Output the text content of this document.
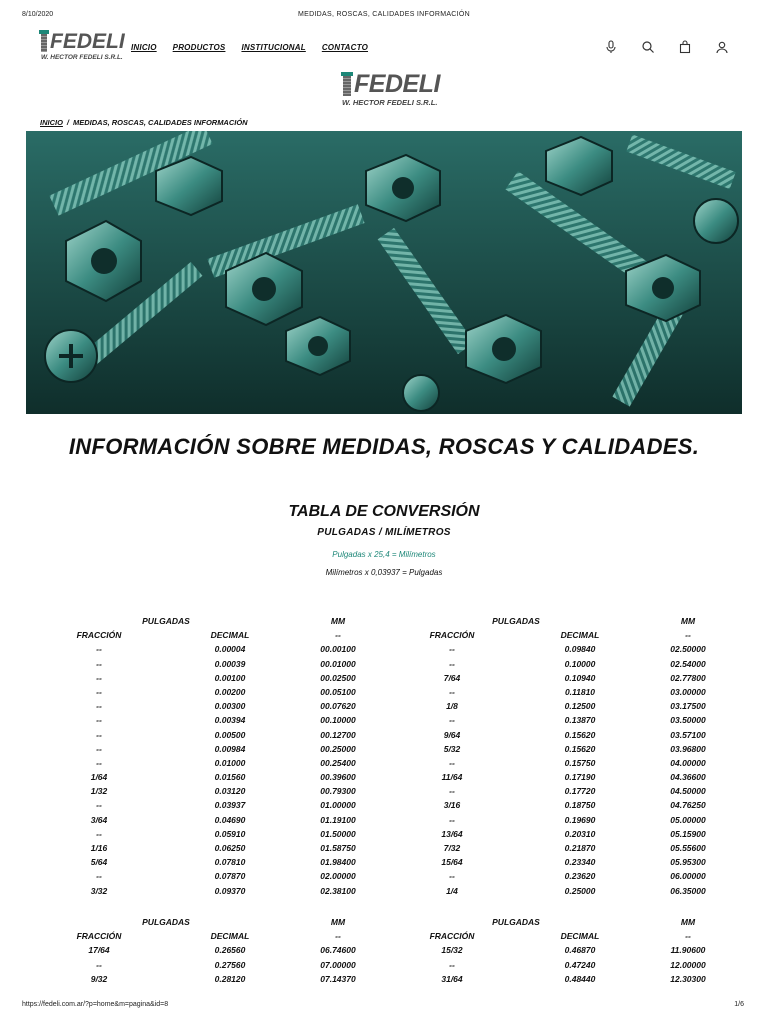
8/10/2020	MEDIDAS, ROSCAS, CALIDADES INFORMACIÓN
FEDELI
W. HECTOR FEDELI S.R.L.
INICIO PRODUCTOS INSTITUCIONAL CONTACTO
FEDELI
W. HECTOR FEDELI S.R.L.
INICIO / MEDIDAS, ROSCAS, CALIDADES INFORMACIÓN
INFORMACIÓN SOBRE MEDIDAS, ROSCAS Y CALIDADES.
TABLA DE CONVERSIÓN
PULGADAS / MILÍMETROS
Pulgadas x 25,4 = Milímetros
Milímetros x 0,03937 = Pulgadas
PULGADAS	MM	PULGADAS	MM
FRACCIÓN	DECIMAL	--	FRACCIÓN	DECIMAL	--
--	0.00004	00.00100	--	0.09840	02.50000
--	0.00039	00.01000	--	0.10000	02.54000
--	0.00100	00.02500	7/64	0.10940	02.77800
--	0.00200	00.05100	--	0.11810	03.00000
--	0.00300	00.07620	1/8	0.12500	03.17500
--	0.00394	00.10000	--	0.13870	03.50000
--	0.00500	00.12700	9/64	0.15620	03.57100
--	0.00984	00.25000	5/32	0.15620	03.96800
--	0.01000	00.25400	--	0.15750	04.00000
1/64	0.01560	00.39600	11/64	0.17190	04.36600
1/32	0.03120	00.79300	--	0.17720	04.50000
--	0.03937	01.00000	3/16	0.18750	04.76250
3/64	0.04690	01.19100	--	0.19690	05.00000
--	0.05910	01.50000	13/64	0.20310	05.15900
1/16	0.06250	01.58750	7/32	0.21870	05.55600
5/64	0.07810	01.98400	15/64	0.23340	05.95300
--	0.07870	02.00000	--	0.23620	06.00000
3/32	0.09370	02.38100	1/4	0.25000	06.35000
PULGADAS	MM	PULGADAS	MM
FRACCIÓN	DECIMAL	--	FRACCIÓN	DECIMAL	--
17/64	0.26560	06.74600	15/32	0.46870	11.90600
--	0.27560	07.00000	--	0.47240	12.00000
9/32	0.28120	07.14370	31/64	0.48440	12.30300
https://fedeli.com.ar/?p=home&m=pagina&id=8	1/6
